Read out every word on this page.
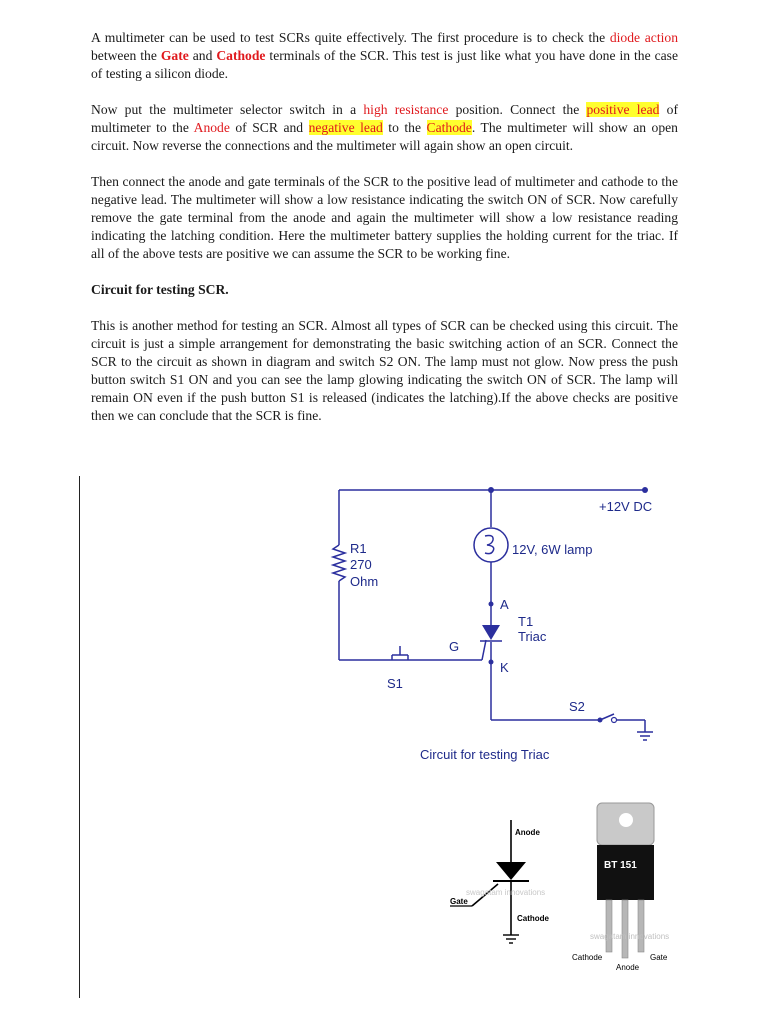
A multimeter can be used to test SCRs quite effectively. The first procedure is to check the diode action between the Gate and Cathode terminals of the SCR. This test is just like what you have done in the case of testing a silicon diode.

Now put the multimeter selector switch in a high resistance position. Connect the positive lead of multimeter to the Anode of SCR and negative lead to the Cathode. The multimeter will show an open circuit. Now reverse the connections and the multimeter will again show an open circuit.

Then connect the anode and gate terminals of the SCR to the positive lead of multimeter and cathode to the negative lead. The multimeter will show a low resistance indicating the switch ON of SCR. Now carefully remove the gate terminal from the anode and again the multimeter will show a low resistance reading indicating the latching condition. Here the multimeter battery supplies the holding current for the triac. If all of the above tests are positive we can assume the SCR to be working fine.

Circuit for testing SCR.

This is another method for testing an SCR. Almost all types of SCR can be checked using this circuit. The circuit is just a simple arrangement for demonstrating the basic switching action of an SCR. Connect the SCR to the circuit as shown in diagram and switch S2 ON. The lamp must not glow. Now press the push button switch S1 ON and you can see the lamp glowing indicating the switch ON of SCR. The lamp will remain ON even if the push button S1 is released (indicates the latching).If the above checks are positive then we can conclude that the SCR is fine.

+12V DC
R1
270
Ohm
12V, 6W lamp
A
T1
Triac
G
K
S1
S2
Circuit for testing Triac
Anode
Gate
Cathode
swagatam innovations
BT 151
swagatam innovations
Cathode
Anode
Gate
